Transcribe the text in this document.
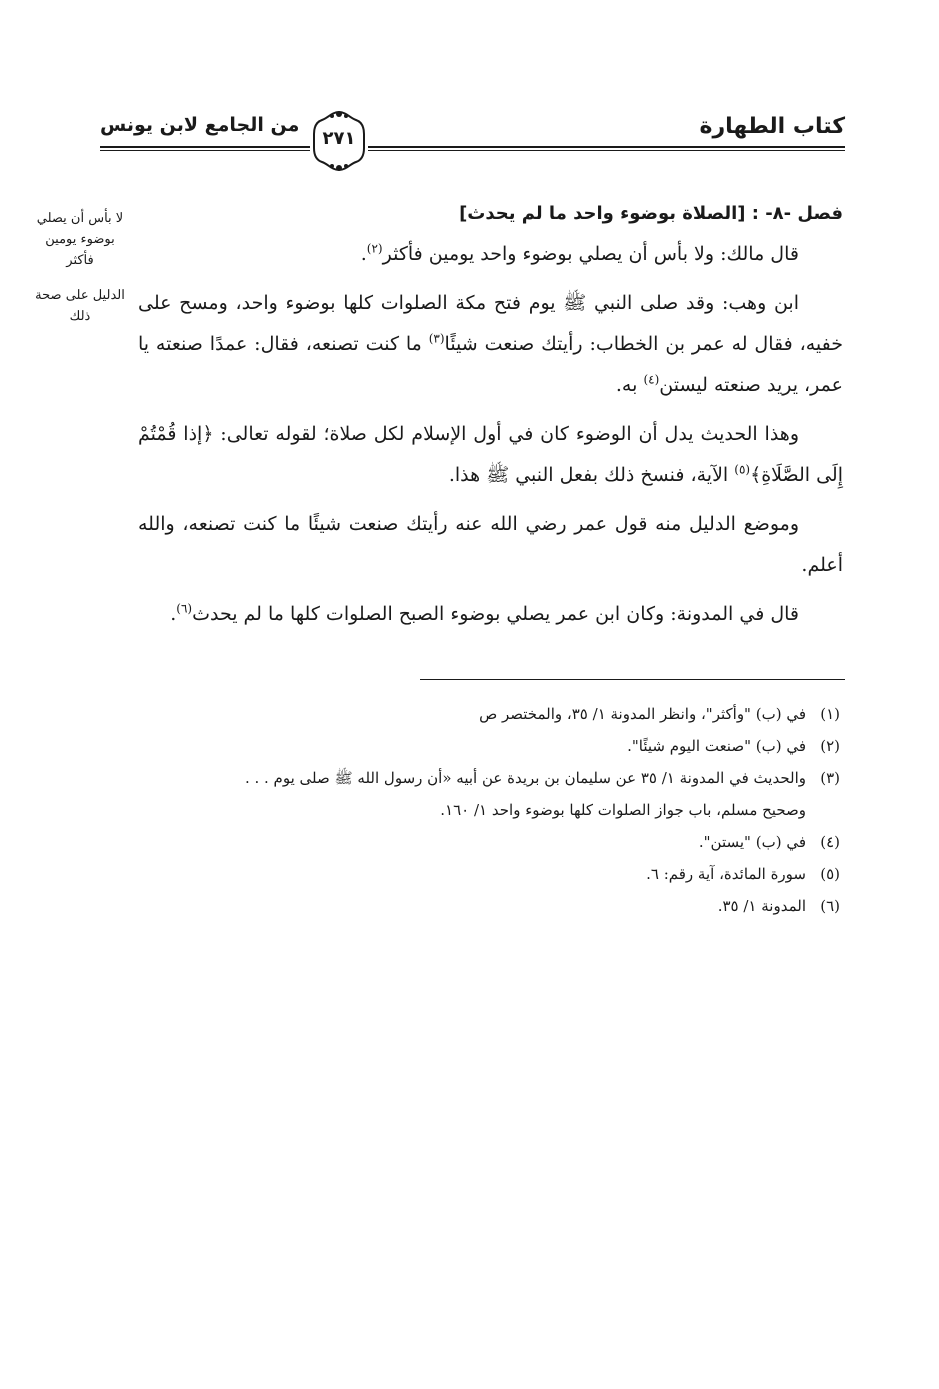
كتاب الطهارة
٢٧١
من الجامع لابن يونس
لا بأس أن يصلي بوضوء يومين فأكثر
الدليل على صحة ذلك
فصل -٨- : [الصلاة بوضوء واحد ما لم يحدث]

قال مالك: ولا بأس أن يصلي بوضوء واحد يومين فأكثر$^{(٢)}$.

ابن وهب: وقد صلى النبي ﷺ يوم فتح مكة الصلوات كلها بوضوء واحد، ومسح على خفيه، فقال له عمر بن الخطاب: رأيتك صنعت شيئًا$^{(٣)}$ ما كنت تصنعه، فقال: عمدًا صنعته يا عمر، يريد صنعته ليستن$^{(٤)}$ به.

وهذا الحديث يدل أن الوضوء كان في أول الإسلام لكل صلاة؛ لقوله تعالى: ﴿إذا قُمْتُمْ إِلَى الصَّلَاةِ﴾$^{(٥)}$ الآية، فنسخ ذلك بفعل النبي ﷺ هذا.

وموضع الدليل منه قول عمر رضي الله عنه رأيتك صنعت شيئًا ما كنت تصنعه، والله أعلم.

قال في المدونة: وكان ابن عمر يصلي بوضوء الصبح الصلوات كلها ما لم يحدث$^{(٦)}$.

(١)في (ب) "وأكثر"، وانظر المدونة ١/ ٣٥، والمختصر ص

(٢)في (ب) "صنعت اليوم شيئًا".

(٣)والحديث في المدونة ١/ ٣٥ عن سليمان بن بريدة عن أبيه «أن رسول الله ﷺ صلى يوم . . .

وصحيح مسلم، باب جواز الصلوات كلها بوضوء واحد ١/ ١٦٠.

(٤)في (ب) "يستن".

(٥)سورة المائدة، آية رقم: ٦.

(٦)المدونة ١/ ٣٥.
